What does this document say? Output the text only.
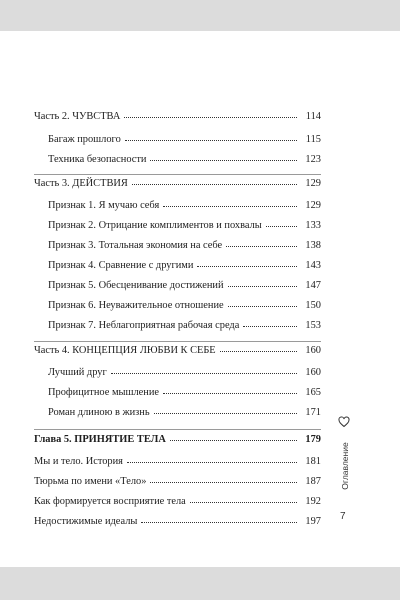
Часть 2. ЧУВСТВА	114
Багаж прошлого	115
Техника безопасности	123
Часть 3. ДЕЙСТВИЯ	129
Признак 1. Я мучаю себя	129
Признак 2. Отрицание комплиментов и похвалы	133
Признак 3. Тотальная экономия на себе	138
Признак 4. Сравнение с другими	143
Признак 5. Обесценивание достижений	147
Признак 6. Неуважительное отношение	150
Признак 7. Неблагоприятная рабочая среда	153
Часть 4. КОНЦЕПЦИЯ ЛЮБВИ К СЕБЕ	160
Лучший друг	160
Профицитное мышление	165
Роман длиною в жизнь	171
Глава 5. ПРИНЯТИЕ ТЕЛА	179
Мы и тело. История	181
Тюрьма по имени «Тело»	187
Как формируется восприятие тела	192
Недостижимые идеалы	197
Оглавление
7
